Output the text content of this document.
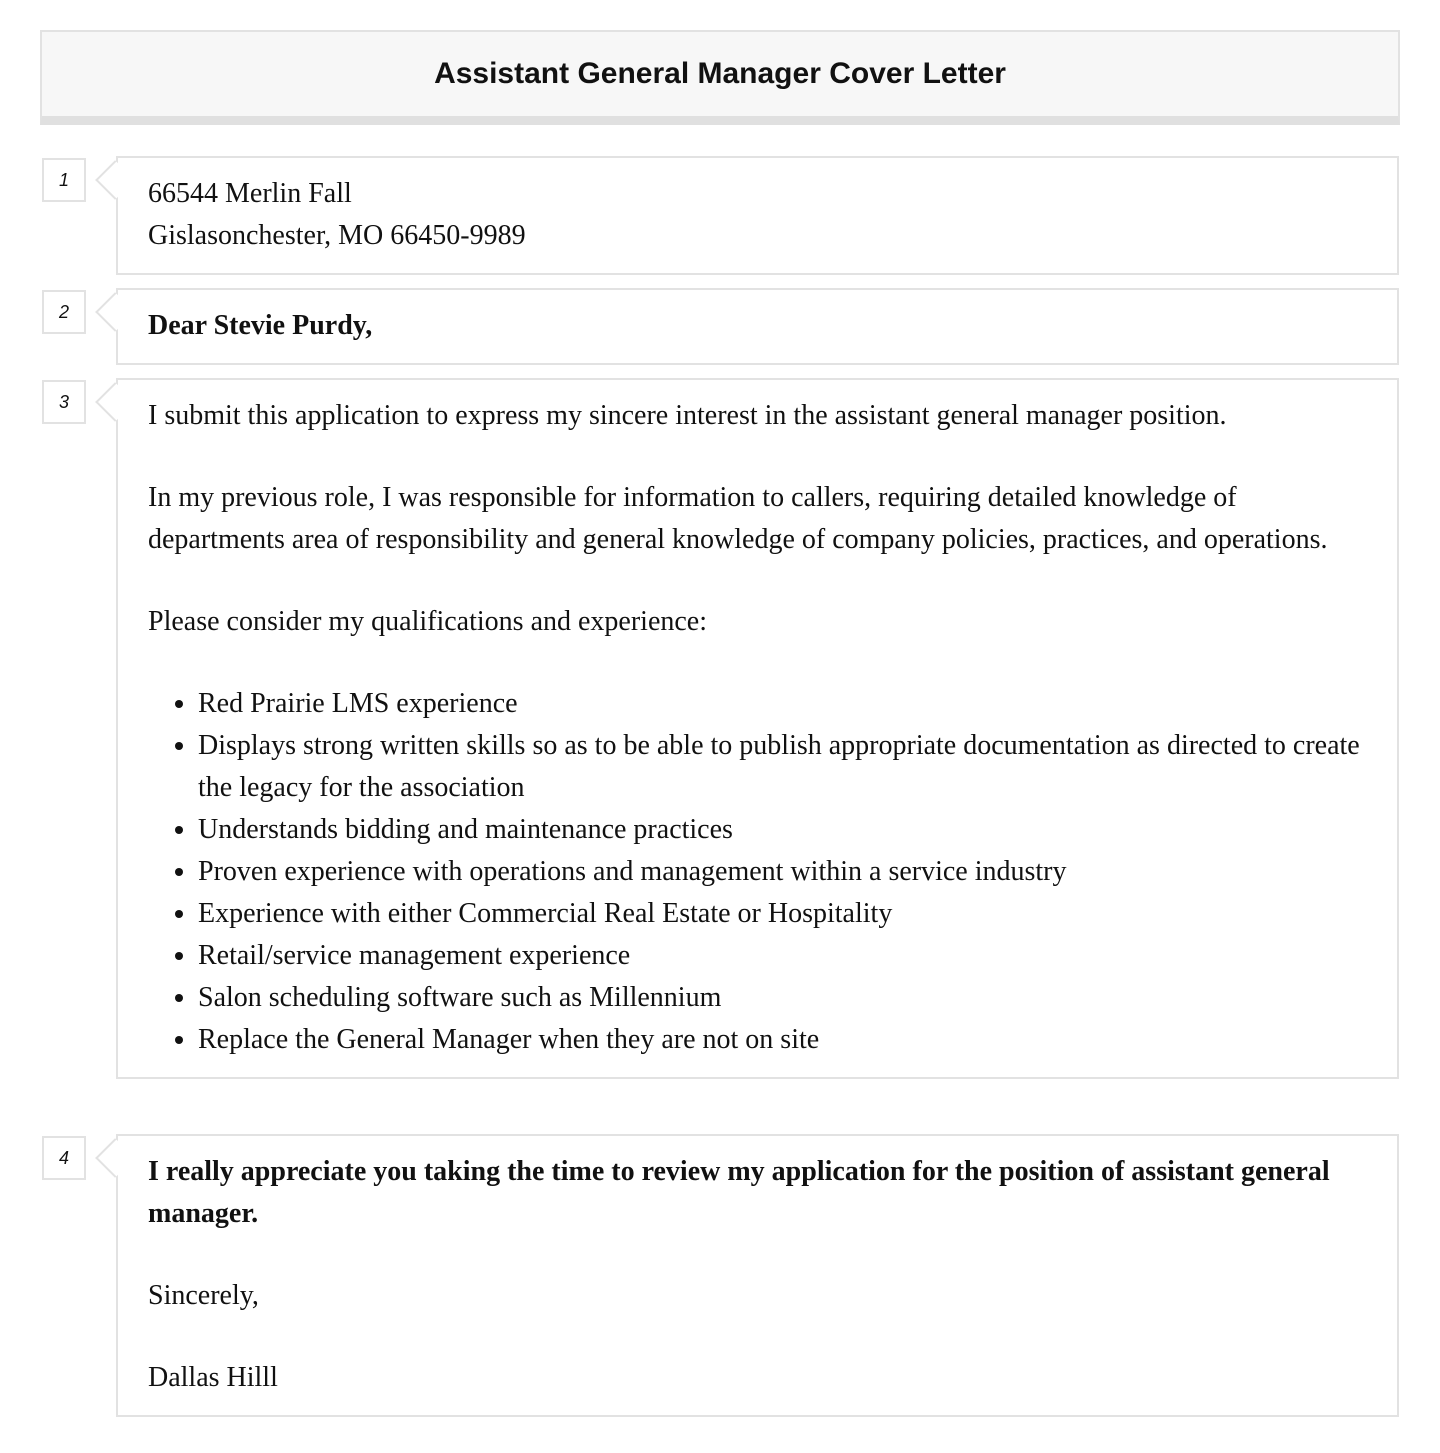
Assistant General Manager Cover Letter
1	66544 Merlin Fall

Gislasonchester, MO 66450-9989

2	Dear Stevie Purdy,

3	I submit this application to express my sincere interest in the assistant general manager position.

In my previous role, I was responsible for information to callers, requiring detailed knowledge of departments area of responsibility and general knowledge of company policies, practices, and operations.

Please consider my qualifications and experience:

• Red Prairie LMS experience
• Displays strong written skills so as to be able to publish appropriate documentation as directed to create the legacy for the association
• Understands bidding and maintenance practices
• Proven experience with operations and management within a service industry
• Experience with either Commercial Real Estate or Hospitality
• Retail/service management experience
• Salon scheduling software such as Millennium
• Replace the General Manager when they are not on site
4	I really appreciate you taking the time to review my application for the position of assistant general manager.

Sincerely,

Dallas Hilll
